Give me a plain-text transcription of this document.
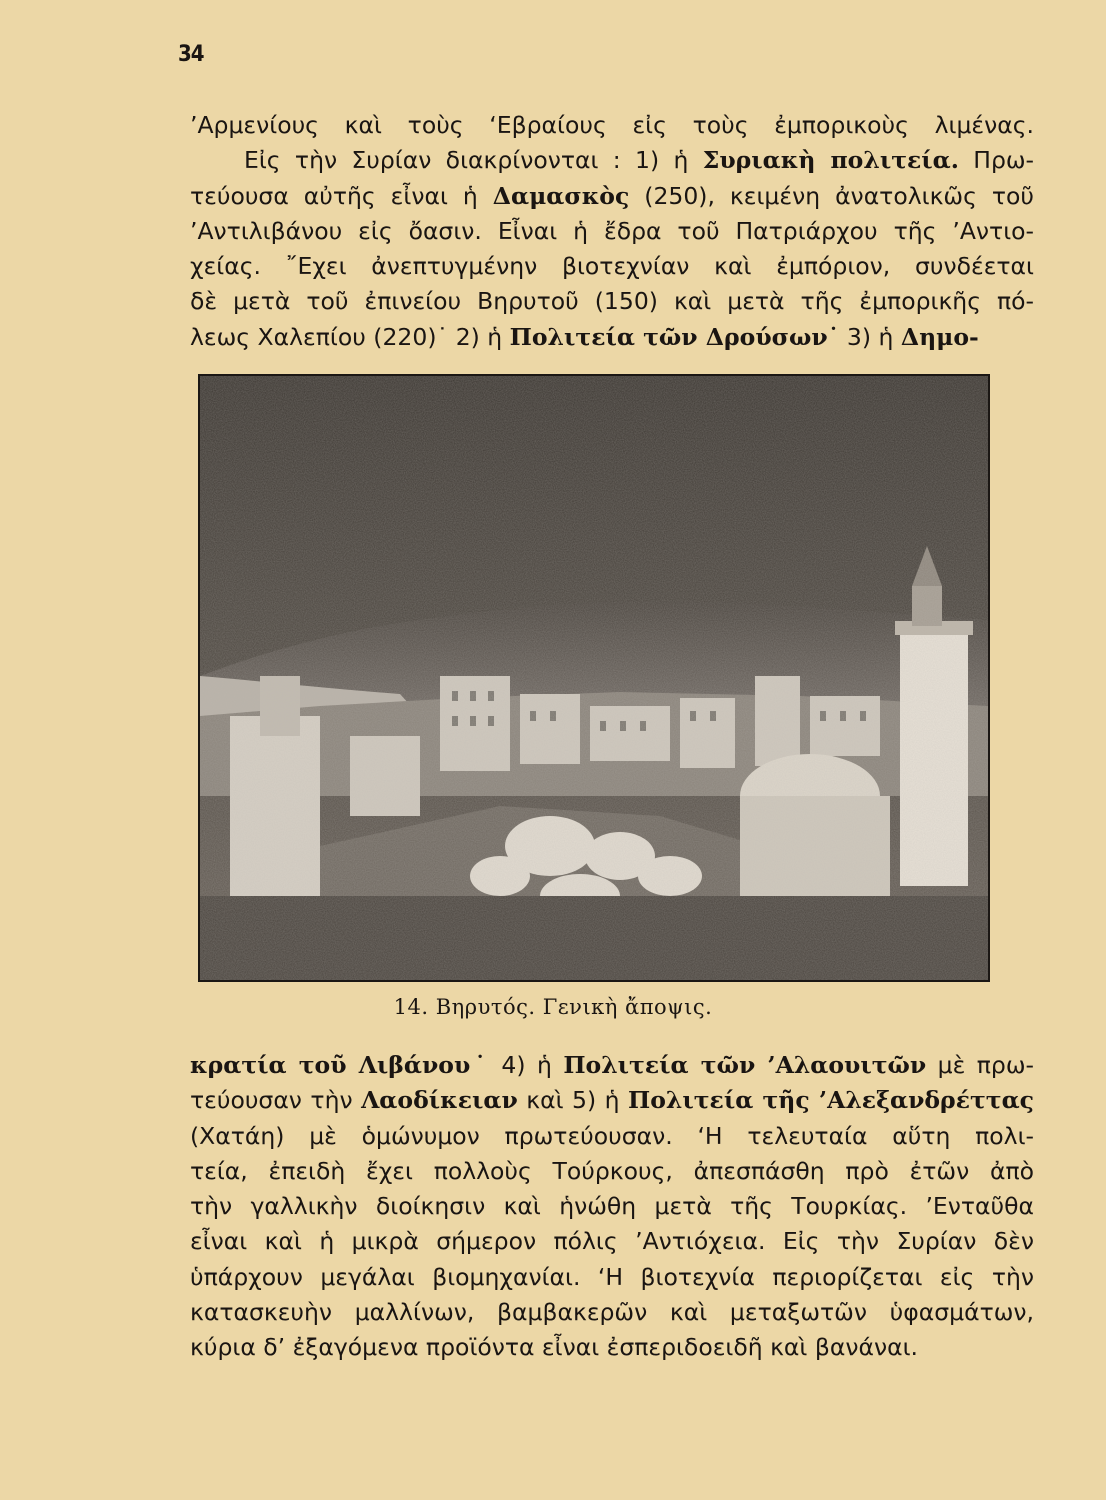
34
’Αρμενίους καὶ τοὺς ‘Εβραίους εἰς τοὺς ἐμπορικοὺς λιμένας.
Εἰς τὴν Συρίαν διακρίνονται : 1) ἡ Συριακὴ πολιτεία. Πρω-
τεύουσα αὐτῆς εἶναι ἡ Δαμασκὸς (250), κειμένη ἀνατολικῶς τοῦ
’Αντιλιβάνου εἰς ὄασιν. Εἶναι ἡ ἔδρα τοῦ Πατριάρχου τῆς ’Αντιο-
χείας. ῎Εχει ἀνεπτυγμένην βιοτεχνίαν καὶ ἐμπόριον, συνδέεται
δὲ μετὰ τοῦ ἐπινείου Βηρυτοῦ (150) καὶ μετὰ τῆς ἐμπορικῆς πό-
λεως Χαλεπίου (220)˙ 2) ἡ Πολιτεία τῶν Δρούσων˙ 3) ἡ Δημο-
14. Βηρυτός. Γενικὴ ἄποψις.
κρατία τοῦ Λιβάνου˙ 4) ἡ Πολιτεία τῶν ’Αλαουιτῶν μὲ πρω-
τεύουσαν τὴν Λαοδίκειαν καὶ 5) ἡ Πολιτεία τῆς ’Αλεξανδρέττας
(Χατάη) μὲ ὁμώνυμον πρωτεύουσαν. ‘Η τελευταία αὕτη πολι-
τεία, ἐπειδὴ ἔχει πολλοὺς Τούρκους, ἀπεσπάσθη πρὸ ἐτῶν ἀπὸ
τὴν γαλλικὴν διοίκησιν καὶ ἡνώθη μετὰ τῆς Τουρκίας. ’Ενταῦθα
εἶναι καὶ ἡ μικρὰ σήμερον πόλις ’Αντιόχεια. Εἰς τὴν Συρίαν δὲν
ὑπάρχουν μεγάλαι βιομηχανίαι. ‘Η βιοτεχνία περιορίζεται εἰς τὴν
κατασκευὴν μαλλίνων, βαμβακερῶν καὶ μεταξωτῶν ὑφασμάτων,
κύρια δ’ ἐξαγόμενα προϊόντα εἶναι ἐσπεριδοειδῆ καὶ βανάναι.
